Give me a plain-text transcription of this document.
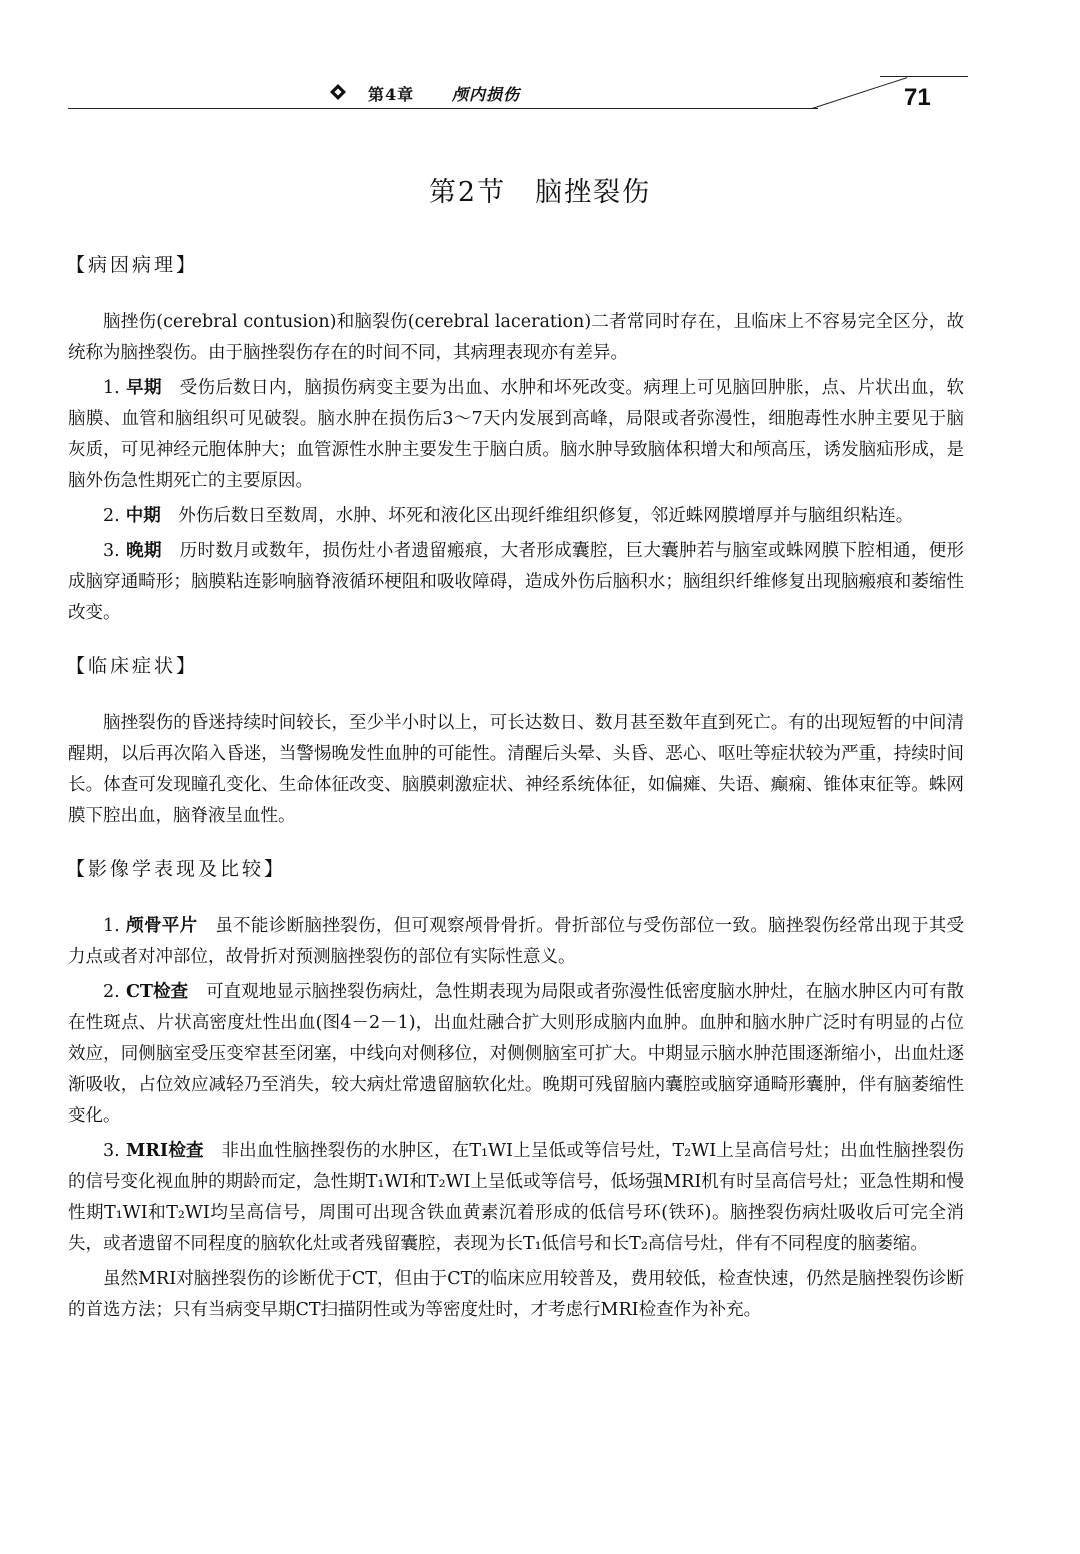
第4章 颅内损伤	71
第2节　脑挫裂伤
【病因病理】

脑挫伤(cerebral contusion)和脑裂伤(cerebral laceration)二者常同时存在，且临床上不容易完全区分，故统称为脑挫裂伤。由于脑挫裂伤存在的时间不同，其病理表现亦有差异。

1. 早期　 受伤后数日内，脑损伤病变主要为出血、水肿和坏死改变。病理上可见脑回肿胀，点、片状出血，软脑膜、血管和脑组织可见破裂。脑水肿在损伤后3～7天内发展到高峰，局限或者弥漫性，细胞毒性水肿主要见于脑灰质，可见神经元胞体肿大；血管源性水肿主要发生于脑白质。脑水肿导致脑体积增大和颅高压，诱发脑疝形成，是脑外伤急性期死亡的主要原因。

2. 中期　 外伤后数日至数周，水肿、坏死和液化区出现纤维组织修复，邻近蛛网膜增厚并与脑组织粘连。

3. 晚期　 历时数月或数年，损伤灶小者遗留瘢痕，大者形成囊腔，巨大囊肿若与脑室或蛛网膜下腔相通，便形成脑穿通畸形；脑膜粘连影响脑脊液循环梗阻和吸收障碍，造成外伤后脑积水；脑组织纤维修复出现脑瘢痕和萎缩性改变。

【临床症状】

脑挫裂伤的昏迷持续时间较长，至少半小时以上，可长达数日、数月甚至数年直到死亡。有的出现短暂的中间清醒期，以后再次陷入昏迷，当警惕晚发性血肿的可能性。清醒后头晕、头昏、恶心、呕吐等症状较为严重，持续时间长。体查可发现瞳孔变化、生命体征改变、脑膜刺激症状、神经系统体征，如偏瘫、失语、癫痫、锥体束征等。蛛网膜下腔出血，脑脊液呈血性。

【影像学表现及比较】

1. 颅骨平片　 虽不能诊断脑挫裂伤，但可观察颅骨骨折。骨折部位与受伤部位一致。脑挫裂伤经常出现于其受力点或者对冲部位，故骨折对预测脑挫裂伤的部位有实际性意义。

2. CT检查　 可直观地显示脑挫裂伤病灶，急性期表现为局限或者弥漫性低密度脑水肿灶，在脑水肿区内可有散在性斑点、片状高密度灶性出血(图4－2－1)，出血灶融合扩大则形成脑内血肿。血肿和脑水肿广泛时有明显的占位效应，同侧脑室受压变窄甚至闭塞，中线向对侧移位，对侧侧脑室可扩大。中期显示脑水肿范围逐渐缩小，出血灶逐渐吸收，占位效应减轻乃至消失，较大病灶常遗留脑软化灶。晚期可残留脑内囊腔或脑穿通畸形囊肿，伴有脑萎缩性变化。

3. MRI检查　 非出血性脑挫裂伤的水肿区，在T₁WI上呈低或等信号灶，T₂WI上呈高信号灶；出血性脑挫裂伤的信号变化视血肿的期龄而定，急性期T₁WI和T₂WI上呈低或等信号，低场强MRI机有时呈高信号灶；亚急性期和慢性期T₁WI和T₂WI均呈高信号，周围可出现含铁血黄素沉着形成的低信号环(铁环)。脑挫裂伤病灶吸收后可完全消失，或者遗留不同程度的脑软化灶或者残留囊腔，表现为长T₁低信号和长T₂高信号灶，伴有不同程度的脑萎缩。

虽然MRI对脑挫裂伤的诊断优于CT，但由于CT的临床应用较普及，费用较低，检查快速，仍然是脑挫裂伤诊断的首选方法；只有当病变早期CT扫描阴性或为等密度灶时，才考虑行MRI检查作为补充。
